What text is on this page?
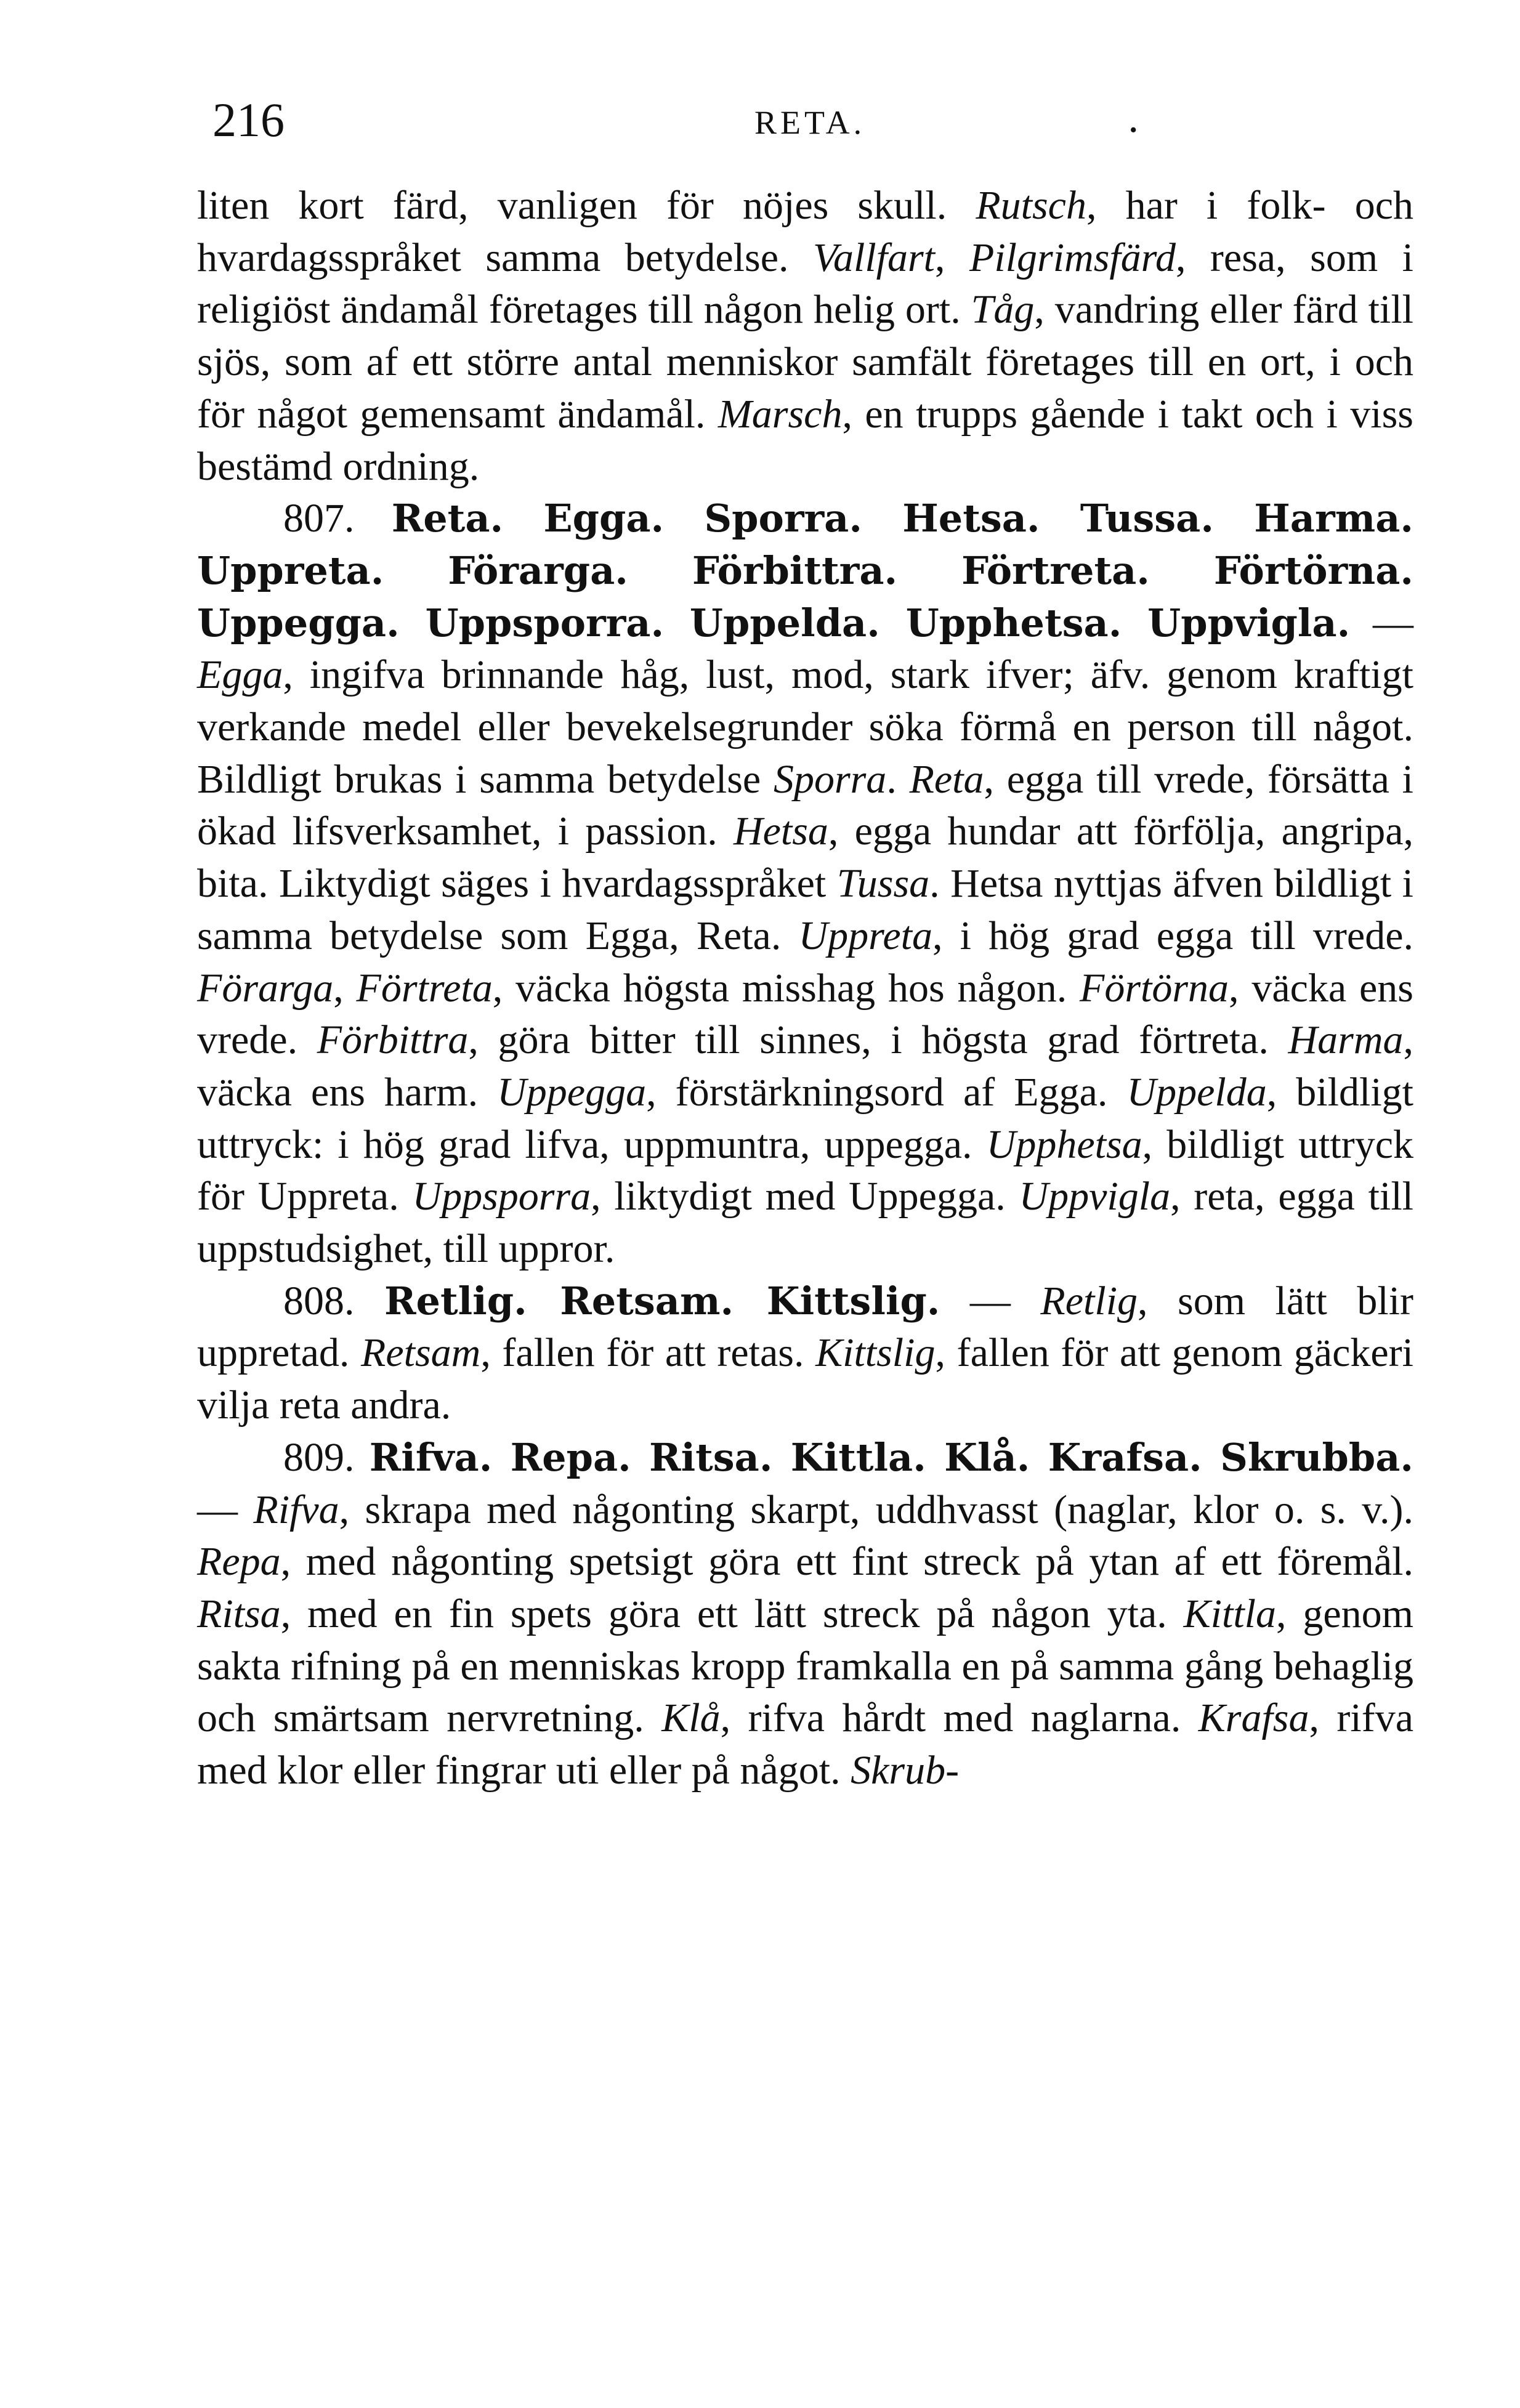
216	RETA.	.

liten kort färd, vanligen för nöjes skull. Rutsch, har i folk- och hvardagsspråket samma betydelse. Vallfart, Pilgrimsfärd, resa, som i religiöst ändamål företages till någon helig ort. Tåg, vandring eller färd till sjös, som af ett större antal menniskor samfält företages till en ort, i och för något gemensamt ändamål. Marsch, en trupps gående i takt och i viss bestämd ordning.

807. Reta. Egga. Sporra. Hetsa. Tussa. Harma. Uppreta. Förarga. Förbittra. Förtreta. Förtörna. Uppegga. Uppsporra. Uppelda. Upphetsa. Uppvigla. — Egga, ingifva brinnande håg, lust, mod, stark ifver; äfv. genom kraftigt verkande medel eller bevekelsegrunder söka förmå en person till något. Bildligt brukas i samma betydelse Sporra. Reta, egga till vrede, försätta i ökad lifsverksamhet, i passion. Hetsa, egga hundar att förfölja, angripa, bita. Liktydigt säges i hvardagsspråket Tussa. Hetsa nyttjas äfven bildligt i samma betydelse som Egga, Reta. Uppreta, i hög grad egga till vrede. Förarga, Förtreta, väcka högsta misshag hos någon. Förtörna, väcka ens vrede. Förbittra, göra bitter till sinnes, i högsta grad förtreta. Harma, väcka ens harm. Uppegga, förstärkningsord af Egga. Uppelda, bildligt uttryck: i hög grad lifva, uppmuntra, uppegga. Upphetsa, bildligt uttryck för Uppreta. Uppsporra, liktydigt med Uppegga. Uppvigla, reta, egga till uppstudsighet, till uppror.

808. Retlig. Retsam. Kittslig. — Retlig, som lätt blir uppretad. Retsam, fallen för att retas. Kittslig, fallen för att genom gäckeri vilja reta andra.

809. Rifva. Repa. Ritsa. Kittla. Klå. Krafsa. Skrubba. — Rifva, skrapa med någonting skarpt, uddhvasst (naglar, klor o. s. v.). Repa, med någonting spetsigt göra ett fint streck på ytan af ett föremål. Ritsa, med en fin spets göra ett lätt streck på någon yta. Kittla, genom sakta rifning på en menniskas kropp framkalla en på samma gång behaglig och smärtsam nervretning. Klå, rifva hårdt med naglarna. Krafsa, rifva med klor eller fingrar uti eller på något. Skrub-
